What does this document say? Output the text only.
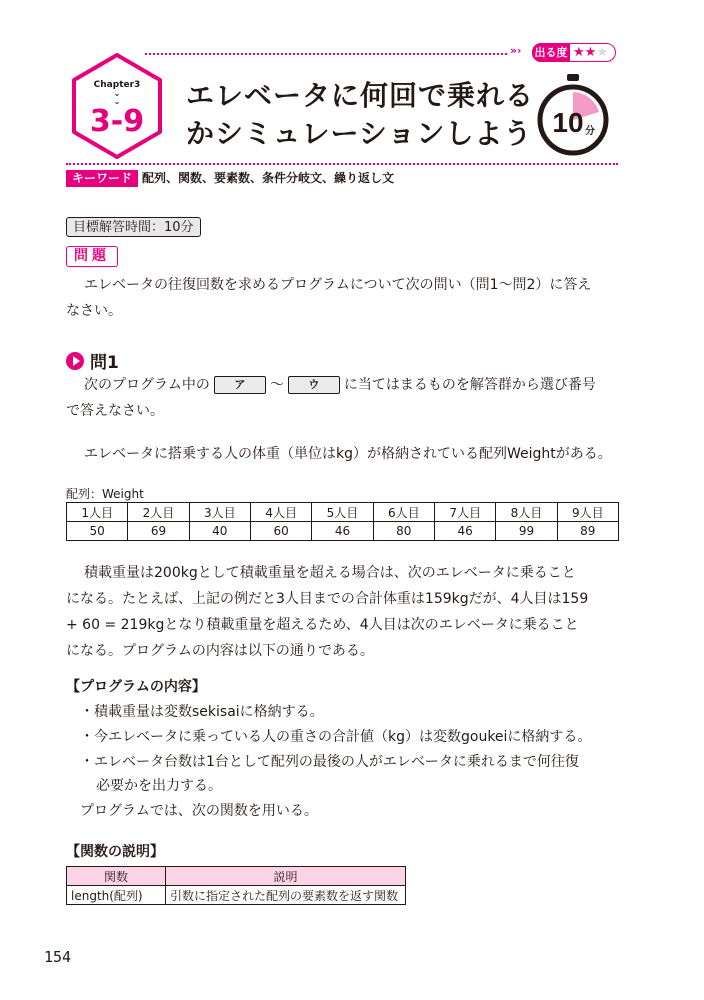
Chapter3
⌄
⌄
3-9
›› › 出る度 ★★★
エレベータに何回で乗れる
かシミュレーションしよう 10 分
キーワード 配列、関数、要素数、条件分岐文、繰り返し文
目標解答時間：10分
問題
エレベータの往復回数を求めるプログラムについて次の問い（問1〜問2）に答え
なさい。
問1
次のプログラム中の ア 〜 ウ に当てはまるものを解答群から選び番号
で答えなさい。
エレベータに搭乗する人の体重（単位はkg）が格納されている配列Weightがある。
配列：Weight
1人目	2人目	3人目	4人目	5人目	6人目	7人目	8人目	9人目
50	69	40	60	46	80	46	99	89
積載重量は200kgとして積載重量を超える場合は、次のエレベータに乗ること
になる。たとえば、上記の例だと3人目までの合計体重は159kgだが、4人目は159
+ 60 = 219kgとなり積載重量を超えるため、4人目は次のエレベータに乗ること
になる。プログラムの内容は以下の通りである。
【プログラムの内容】
・積載重量は変数sekisaiに格納する。
・今エレベータに乗っている人の重さの合計値（kg）は変数goukeiに格納する。
・エレベータ台数は1台として配列の最後の人がエレベータに乗れるまで何往復
必要かを出力する。
プログラムでは、次の関数を用いる。
【関数の説明】
関数	説明
length(配列)	引数に指定された配列の要素数を返す関数
154
